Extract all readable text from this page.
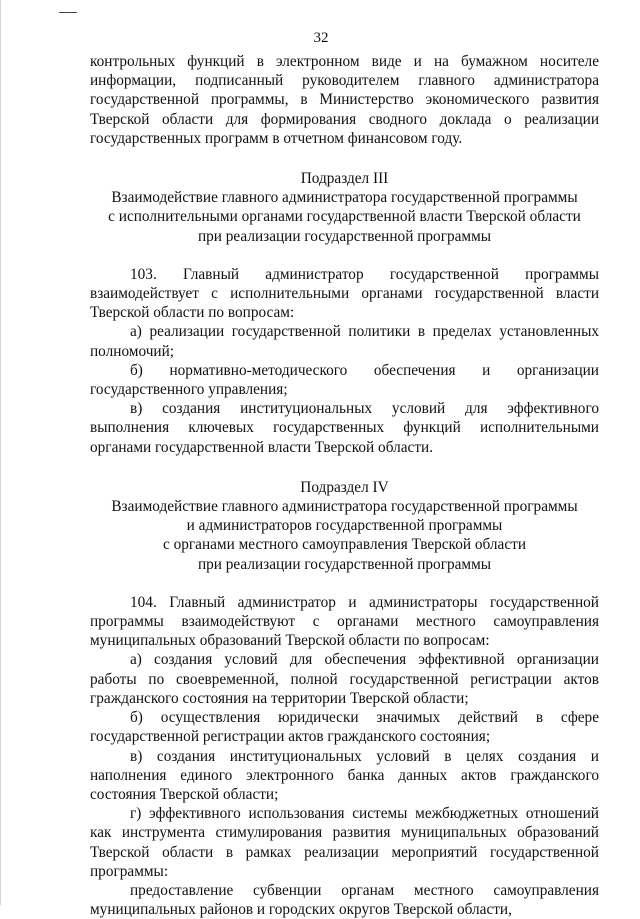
32

контрольных функций в электронном виде и на бумажном носителе информации, подписанный руководителем главного администратора государственной программы, в Министерство экономического развития Тверской области для формирования сводного доклада о реализации государственных программ в отчетном финансовом году.

Подраздел III
Взаимодействие главного администратора государственной программы
с исполнительными органами государственной власти Тверской области
при реализации государственной программы

103. Главный администратор государственной программы взаимодействует с исполнительными органами государственной власти Тверской области по вопросам:

а) реализации государственной политики в пределах установленных полномочий;

б) нормативно-методического обеспечения и организации государственного управления;

в) создания институциональных условий для эффективного выполнения ключевых государственных функций исполнительными органами государственной власти Тверской области.

Подраздел IV
Взаимодействие главного администратора государственной программы
и администраторов государственной программы
с органами местного самоуправления Тверской области
при реализации государственной программы

104. Главный администратор и администраторы государственной программы взаимодействуют с органами местного самоуправления муниципальных образований Тверской области по вопросам:

а) создания условий для обеспечения эффективной организации работы по своевременной, полной государственной регистрации актов гражданского состояния на территории Тверской области;

б) осуществления юридически значимых действий в сфере государственной регистрации актов гражданского состояния;

в) создания институциональных условий в целях создания и наполнения единого электронного банка данных актов гражданского состояния Тверской области;

г) эффективного использования системы межбюджетных отношений как инструмента стимулирования развития муниципальных образований Тверской области в рамках реализации мероприятий государственной программы:

предоставление субвенции органам местного самоуправления муниципальных районов и городских округов Тверской области,
